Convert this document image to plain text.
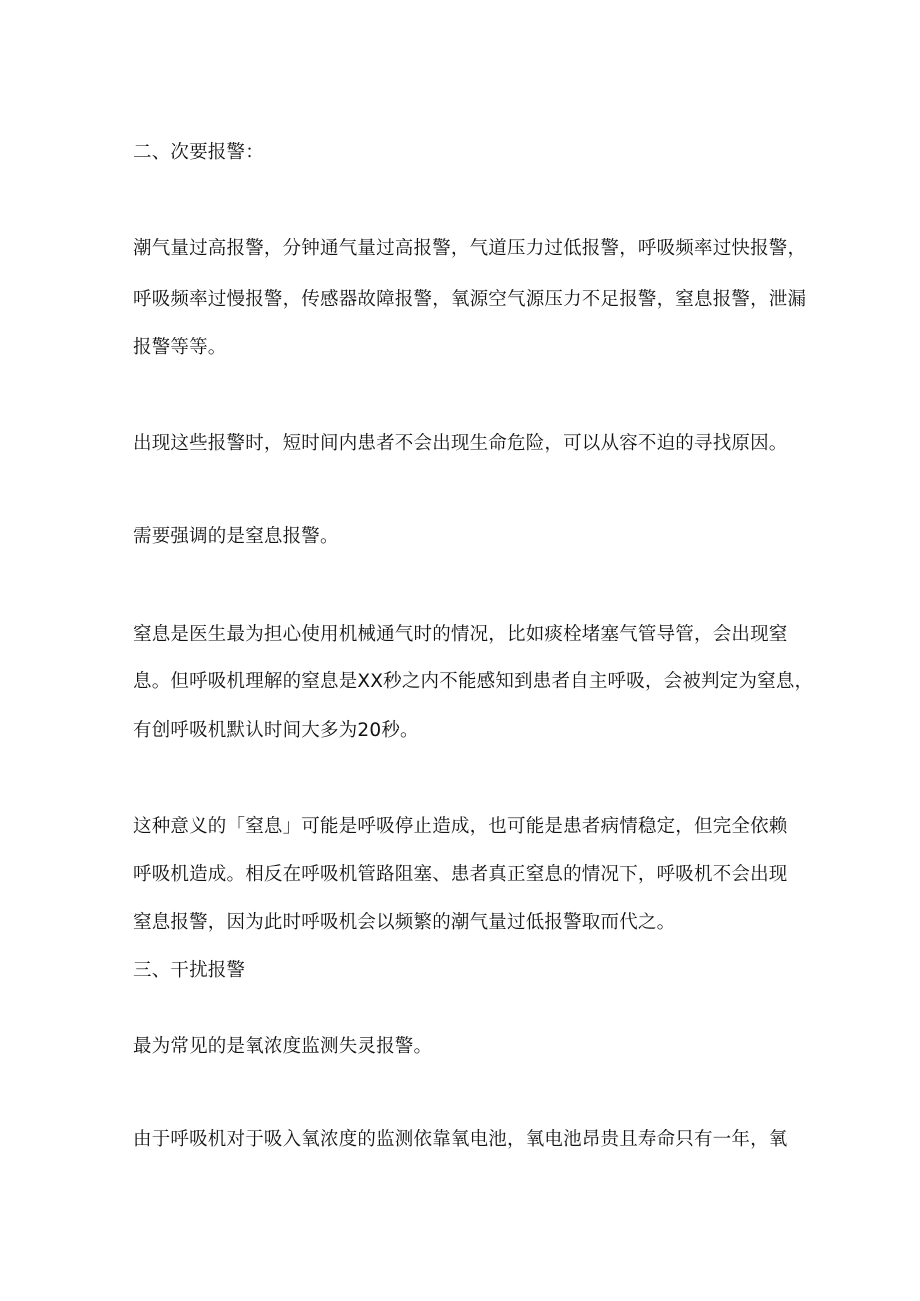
二、次要报警：
潮气量过高报警，分钟通气量过高报警，气道压力过低报警，呼吸频率过快报警，
呼吸频率过慢报警，传感器故障报警，氧源空气源压力不足报警，窒息报警，泄漏
报警等等。
出现这些报警时，短时间内患者不会出现生命危险，可以从容不迫的寻找原因。
需要强调的是窒息报警。
窒息是医生最为担心使用机械通气时的情况，比如痰栓堵塞气管导管，会出现窒
息。但呼吸机理解的窒息是XX秒之内不能感知到患者自主呼吸，会被判定为窒息，
有创呼吸机默认时间大多为20秒。
这种意义的「窒息」可能是呼吸停止造成，也可能是患者病情稳定，但完全依赖
呼吸机造成。相反在呼吸机管路阻塞、患者真正窒息的情况下，呼吸机不会出现
窒息报警，因为此时呼吸机会以频繁的潮气量过低报警取而代之。
三、干扰报警
最为常见的是氧浓度监测失灵报警。
由于呼吸机对于吸入氧浓度的监测依靠氧电池，氧电池昂贵且寿命只有一年，氧
